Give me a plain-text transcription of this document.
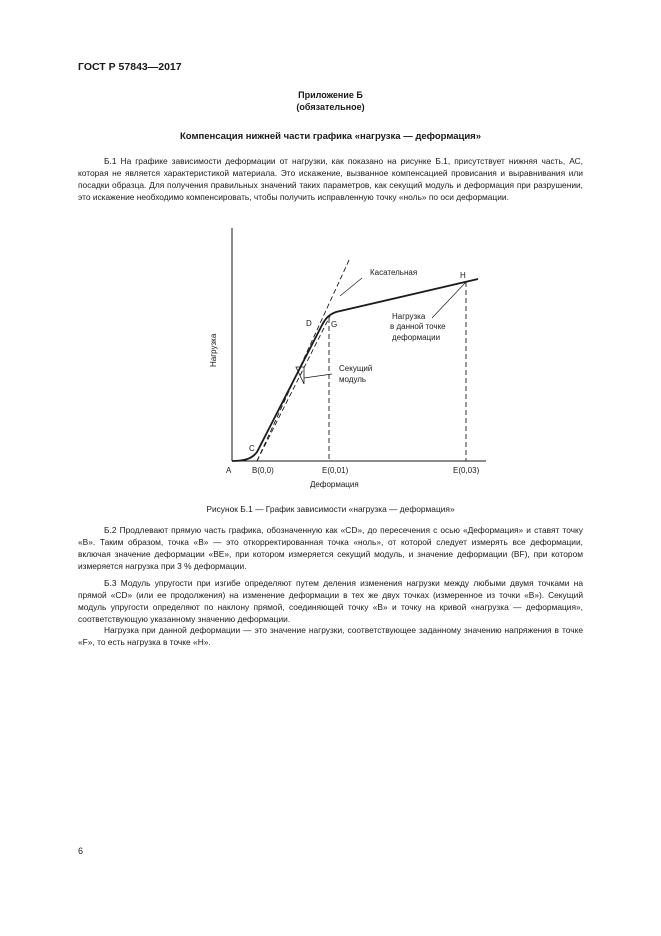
ГОСТ Р 57843—2017
Приложение Б
(обязательное)
Компенсация нижней части графика «нагрузка — деформация»

Б.1 На графике зависимости деформации от нагрузки, как показано на рисунке Б.1, присутствует нижняя часть, АС, которая не является характеристикой материала. Это искажение, вызванное компенсацией провисания и выравнивания или посадки образца. Для получения правильных значений таких параметров, как секущий модуль и деформация при разрушении, это искажение необходимо компенсировать, чтобы получить исправленную точку «ноль» по оси деформации.

Касательная	H
D G
Нагрузка
в данной точке
деформации
Секущий
модуль
C
Нагрузка
A	B(0,0)	E(0,01)	E(0,03)
Деформация
Рисунок Б.1 — График зависимости «нагрузка — деформация»

Б.2 Продлевают прямую часть графика, обозначенную как «CD», до пересечения с осью «Деформация» и ставят точку «B». Таким образом, точка «B» — это откорректированная точка «ноль», от которой следует измерять все деформации, включая значение деформации «BE», при котором измеряется секущий модуль, и значение деформации (BF), при котором измеряется нагрузка при 3 % деформации.

Б.3 Модуль упругости при изгибе определяют путем деления изменения нагрузки между любыми двумя точками на прямой «CD» (или ее продолжения) на изменение деформации в тех же двух точках (измеренное из точки «B»). Секущий модуль упругости определяют по наклону прямой, соединяющей точку «B» и точку на кривой «нагрузка — деформация», соответствующую указанному значению деформации.

Нагрузка при данной деформации — это значение нагрузки, соответствующее заданному значению напряжения в точке «F», то есть нагрузка в точке «H».

6
